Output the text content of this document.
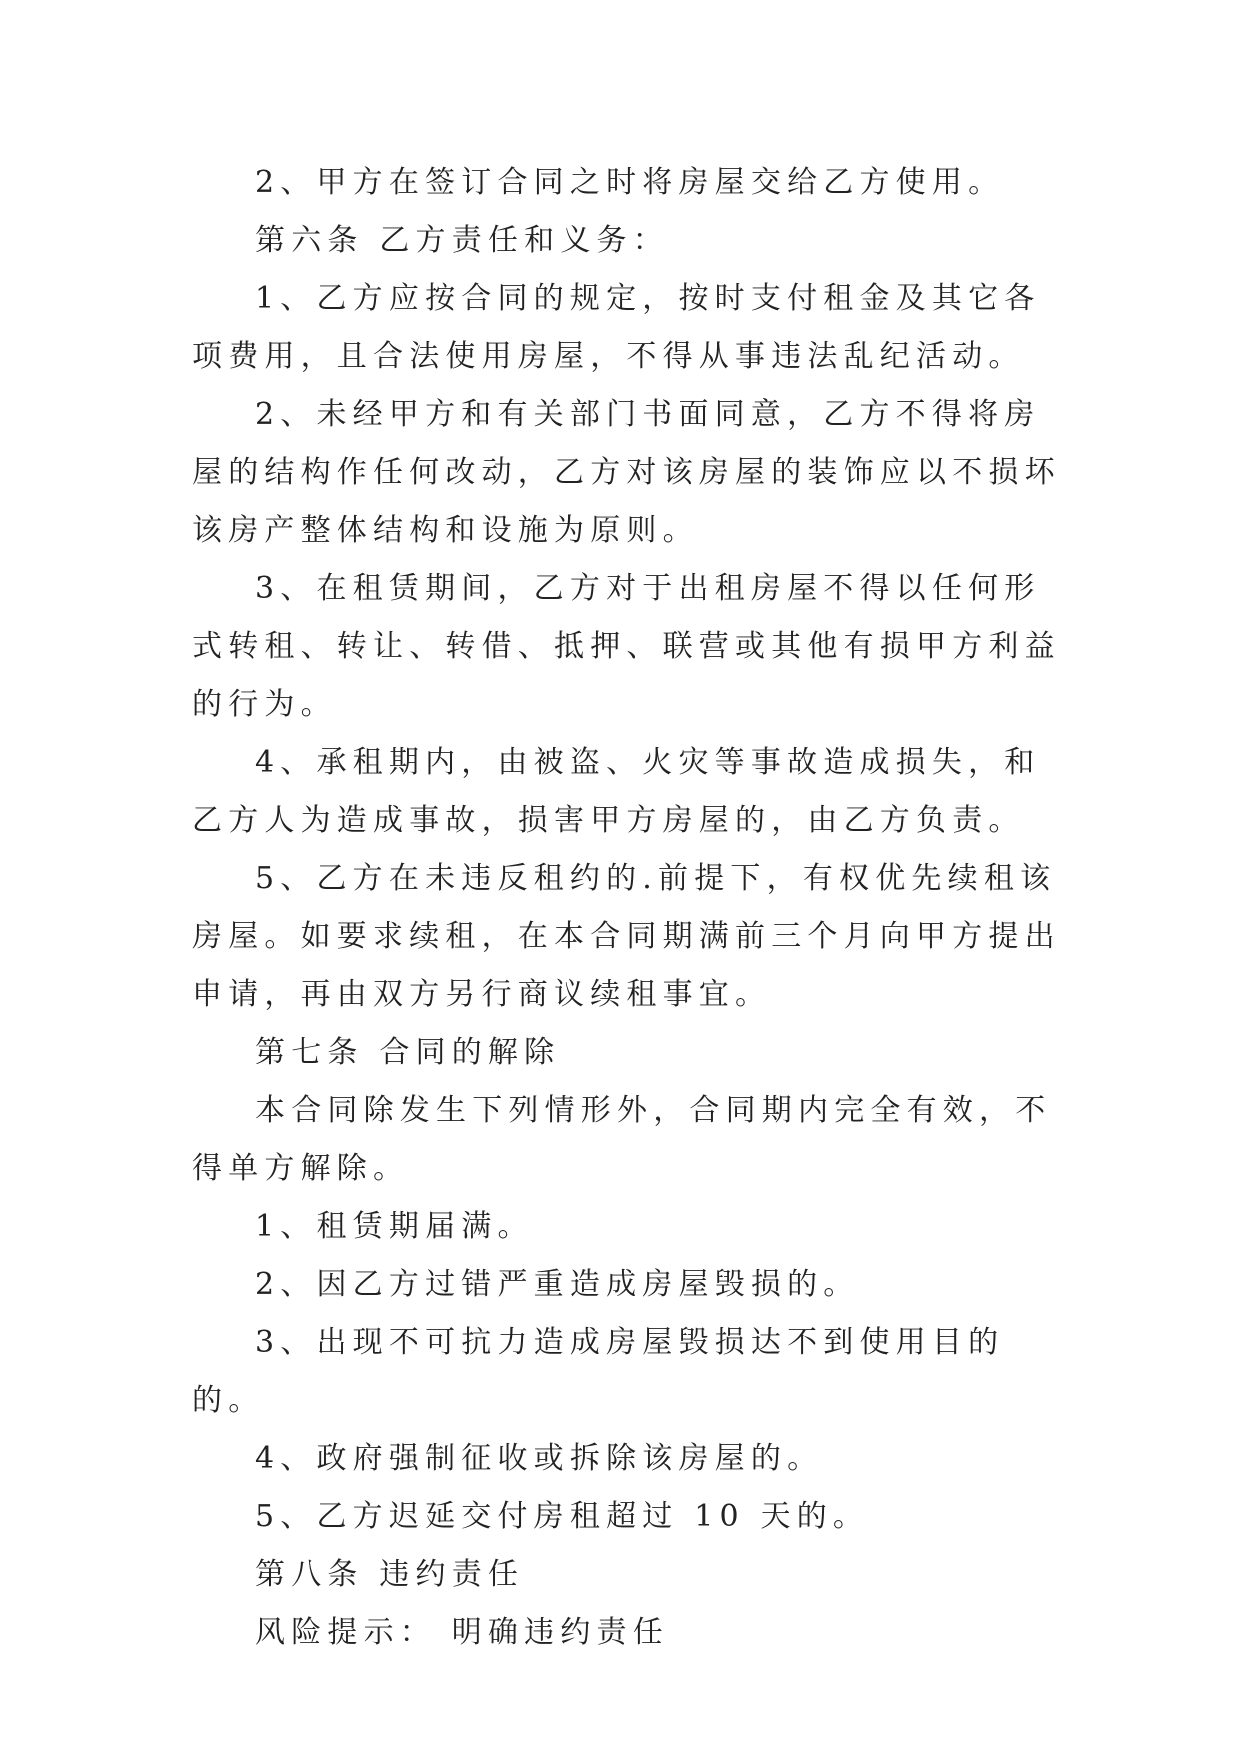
2、甲方在签订合同之时将房屋交给乙方使用。

第六条 乙方责任和义务：

1、乙方应按合同的规定，按时支付租金及其它各项费用，且合法使用房屋，不得从事违法乱纪活动。

2、未经甲方和有关部门书面同意，乙方不得将房屋的结构作任何改动，乙方对该房屋的装饰应以不损坏该房产整体结构和设施为原则。

3、在租赁期间，乙方对于出租房屋不得以任何形式转租、转让、转借、抵押、联营或其他有损甲方利益的行为。

4、承租期内，由被盗、火灾等事故造成损失，和乙方人为造成事故，损害甲方房屋的，由乙方负责。

5、乙方在未违反租约的.前提下，有权优先续租该房屋。如要求续租，在本合同期满前三个月向甲方提出申请，再由双方另行商议续租事宜。

第七条 合同的解除

本合同除发生下列情形外，合同期内完全有效，不得单方解除。

1、租赁期届满。

2、因乙方过错严重造成房屋毁损的。

3、出现不可抗力造成房屋毁损达不到使用目的的。

4、政府强制征收或拆除该房屋的。

5、乙方迟延交付房租超过 10 天的。

第八条 违约责任

风险提示： 明确违约责任
